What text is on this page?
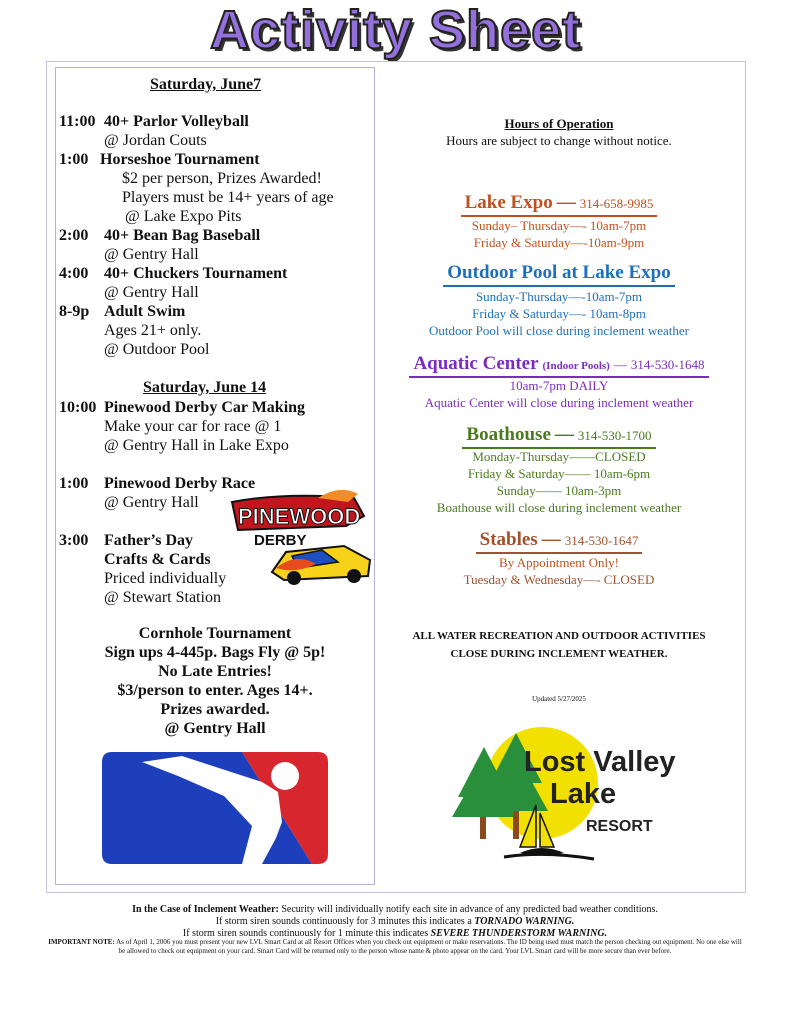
Activity Sheet
Saturday, June7
11:00 40+ Parlor Volleyball
@ Jordan Couts
1:00 Horseshoe Tournament
$2 per person, Prizes Awarded!
Players must be 14+ years of age
@ Lake Expo Pits
2:00 40+ Bean Bag Baseball
@ Gentry Hall
4:00 40+ Chuckers Tournament
@ Gentry Hall
8-9p Adult Swim
Ages 21+ only.
@ Outdoor Pool
Saturday, June 14
10:00 Pinewood Derby Car Making
Make your car for race @ 1
@ Gentry Hall in Lake Expo
1:00 Pinewood Derby Race
@ Gentry Hall
3:00 Father’s Day
Crafts & Cards
Priced individually
@ Stewart Station
PINEWOOD
DERBY
Cornhole Tournament
Sign ups 4-445p. Bags Fly @ 5p!
No Late Entries!
$3/person to enter. Ages 14+.
Prizes awarded.
@ Gentry Hall
Hours of Operation
Hours are subject to change without notice.
Lake Expo — 314-658-9985
Sunday– Thursday—- 10am-7pm
Friday & Saturday—-10am-9pm
Outdoor Pool at Lake Expo
Sunday-Thursday—-10am-7pm
Friday & Saturday—- 10am-8pm
Outdoor Pool will close during inclement weather
Aquatic Center (Indoor Pools) — 314-530-1648
10am-7pm DAILY
Aquatic Center will close during inclement weather
Boathouse — 314-530-1700
Monday-Thursday——CLOSED
Friday & Saturday—— 10am-6pm
Sunday—— 10am-3pm
Boathouse will close during inclement weather
Stables — 314-530-1647
By Appointment Only!
Tuesday & Wednesday—- CLOSED
ALL WATER RECREATION AND OUTDOOR ACTIVITIES
CLOSE DURING INCLEMENT WEATHER.
Updated 5/27/2025
Lost Valley
Lake
RESORT
In the Case of Inclement Weather: Security will individually notify each site in advance of any predicted bad weather conditions.
If storm siren sounds continuously for 3 minutes this indicates a TORNADO WARNING.
If storm siren sounds continuously for 1 minute this indicates SEVERE THUNDERSTORM WARNING.
IMPORTANT NOTE: As of April 1, 2006 you must present your new LVL Smart Card at all Resort Offices when you check out equipment or make reservations. The ID being used must match the person checking out equipment. No one else will be allowed to check out equipment on your card. Smart Card will be returned only to the person whose name & photo appear on the card. Your LVL Smart card will be more secure than ever before.
